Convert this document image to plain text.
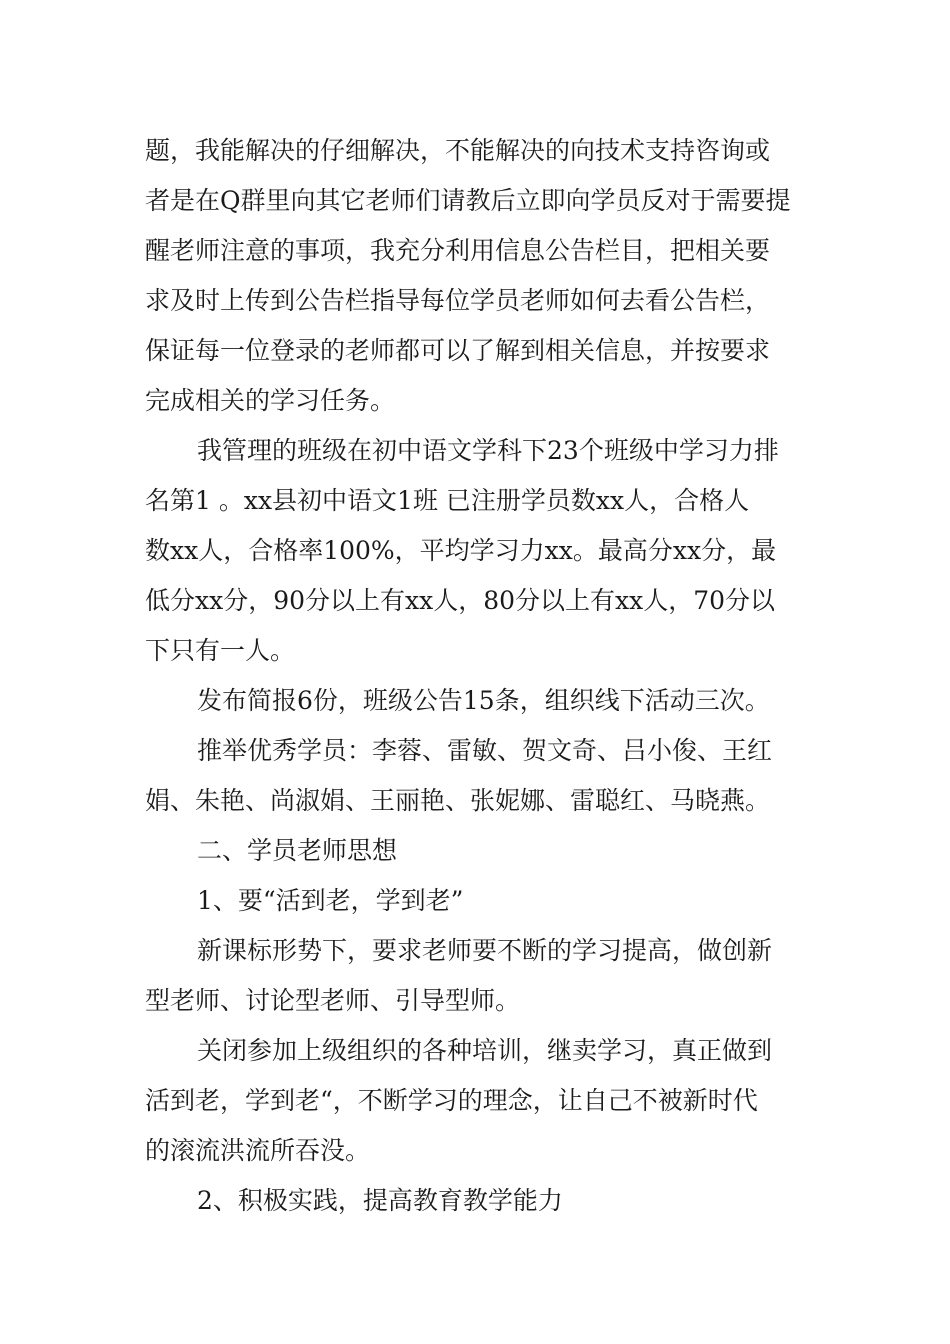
题，我能解决的仔细解决，不能解决的向技术支持咨询或
者是在Q群里向其它老师们请教后立即向学员反对于需要提
醒老师注意的事项，我充分利用信息公告栏目，把相关要
求及时上传到公告栏指导每位学员老师如何去看公告栏，
保证每一位登录的老师都可以了解到相关信息，并按要求
完成相关的学习任务。
我管理的班级在初中语文学科下23个班级中学习力排
名第1 。xx县初中语文1班 已注册学员数xx人，合格人
数xx人，合格率100%，平均学习力xx。最高分xx分，最
低分xx分，90分以上有xx人，80分以上有xx人，70分以
下只有一人。
发布简报6份，班级公告15条，组织线下活动三次。
推举优秀学员：李蓉、雷敏、贺文奇、吕小俊、王红
娟、朱艳、尚淑娟、王丽艳、张妮娜、雷聪红、马晓燕。
二、学员老师思想
1、要“活到老，学到老”
新课标形势下，要求老师要不断的学习提高，做创新
型老师、讨论型老师、引导型师。
关闭参加上级组织的各种培训，继卖学习，真正做到
活到老，学到老“，不断学习的理念，让自己不被新时代
的滚流洪流所吞没。
2、积极实践，提高教育教学能力
